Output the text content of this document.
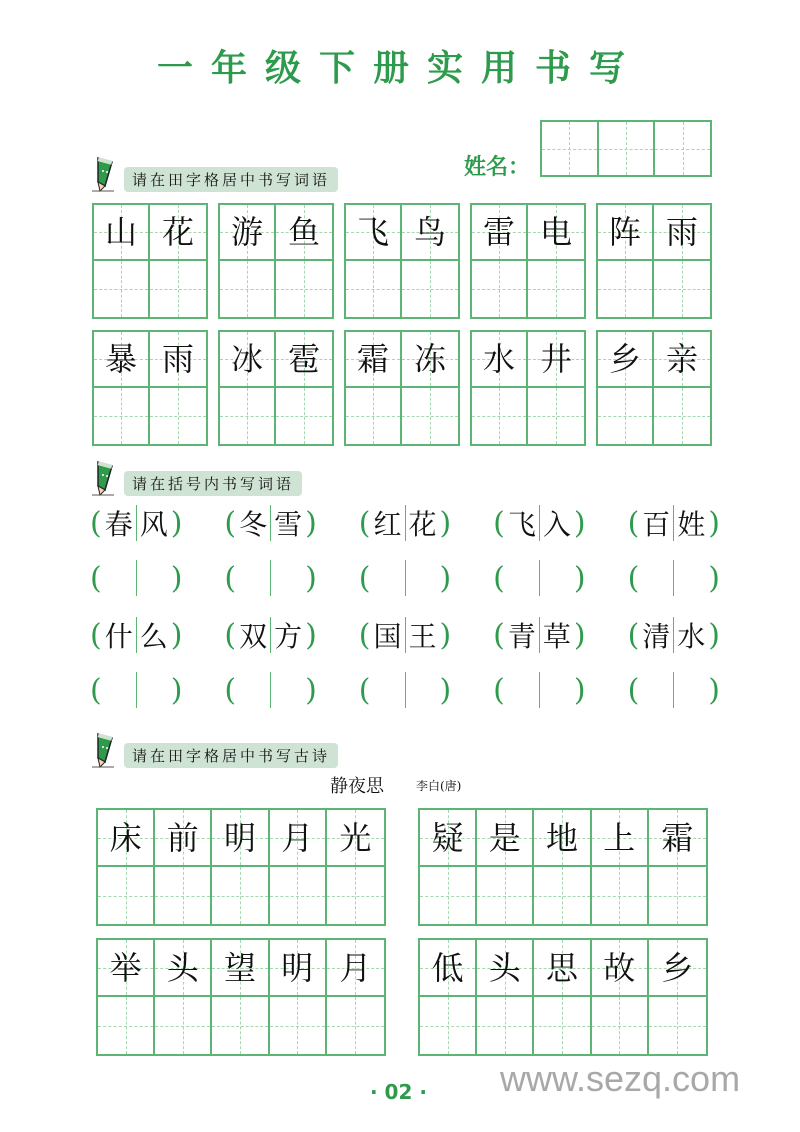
一年级下册实用书写
姓名：
请在田字格居中书写词语
山 花 游 鱼 飞 鸟 雷 电 阵 雨
暴 雨 冰 雹 霜 冻 水 井 乡 亲
请在括号内书写词语
( 春 风 ) ( 冬 雪 ) ( 红 花 ) ( 飞 入 ) ( 百 姓 )
( ) ( ) ( ) ( ) ( )
( 什 么 ) ( 双 方 ) ( 国 王 ) ( 青 草 ) ( 清 水 )
( ) ( ) ( ) ( ) ( )
请在田字格居中书写古诗
静夜思	李白(唐)
床 前 明 月 光 疑 是 地 上 霜
举 头 望 明 月 低 头 思 故 乡
· 02 · www.sezq.com
